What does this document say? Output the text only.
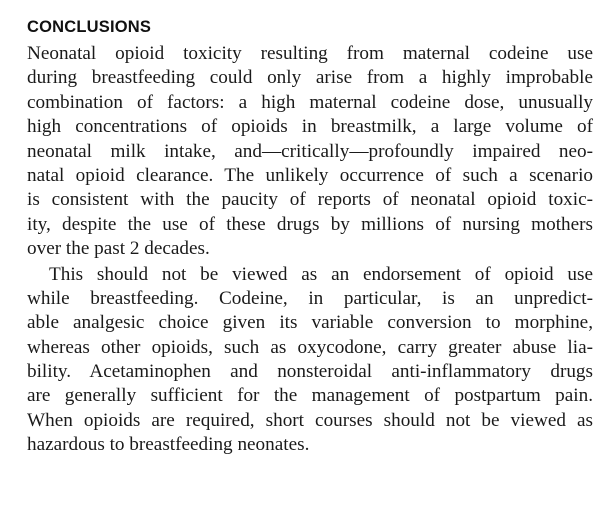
CONCLUSIONS
Neonatal opioid toxicity resulting from maternal codeine use
during breastfeeding could only arise from a highly improbable
combination of factors: a high maternal codeine dose, unusually
high concentrations of opioids in breastmilk, a large volume of
neonatal milk intake, and—critically—profoundly impaired neo-
natal opioid clearance. The unlikely occurrence of such a scenario
is consistent with the paucity of reports of neonatal opioid toxic-
ity, despite the use of these drugs by millions of nursing mothers
over the past 2 decades.
This should not be viewed as an endorsement of opioid use
while breastfeeding. Codeine, in particular, is an unpredict-
able analgesic choice given its variable conversion to morphine,
whereas other opioids, such as oxycodone, carry greater abuse lia-
bility. Acetaminophen and nonsteroidal anti-inflammatory drugs
are generally sufficient for the management of postpartum pain.
When opioids are required, short courses should not be viewed as
hazardous to breastfeeding neonates.
